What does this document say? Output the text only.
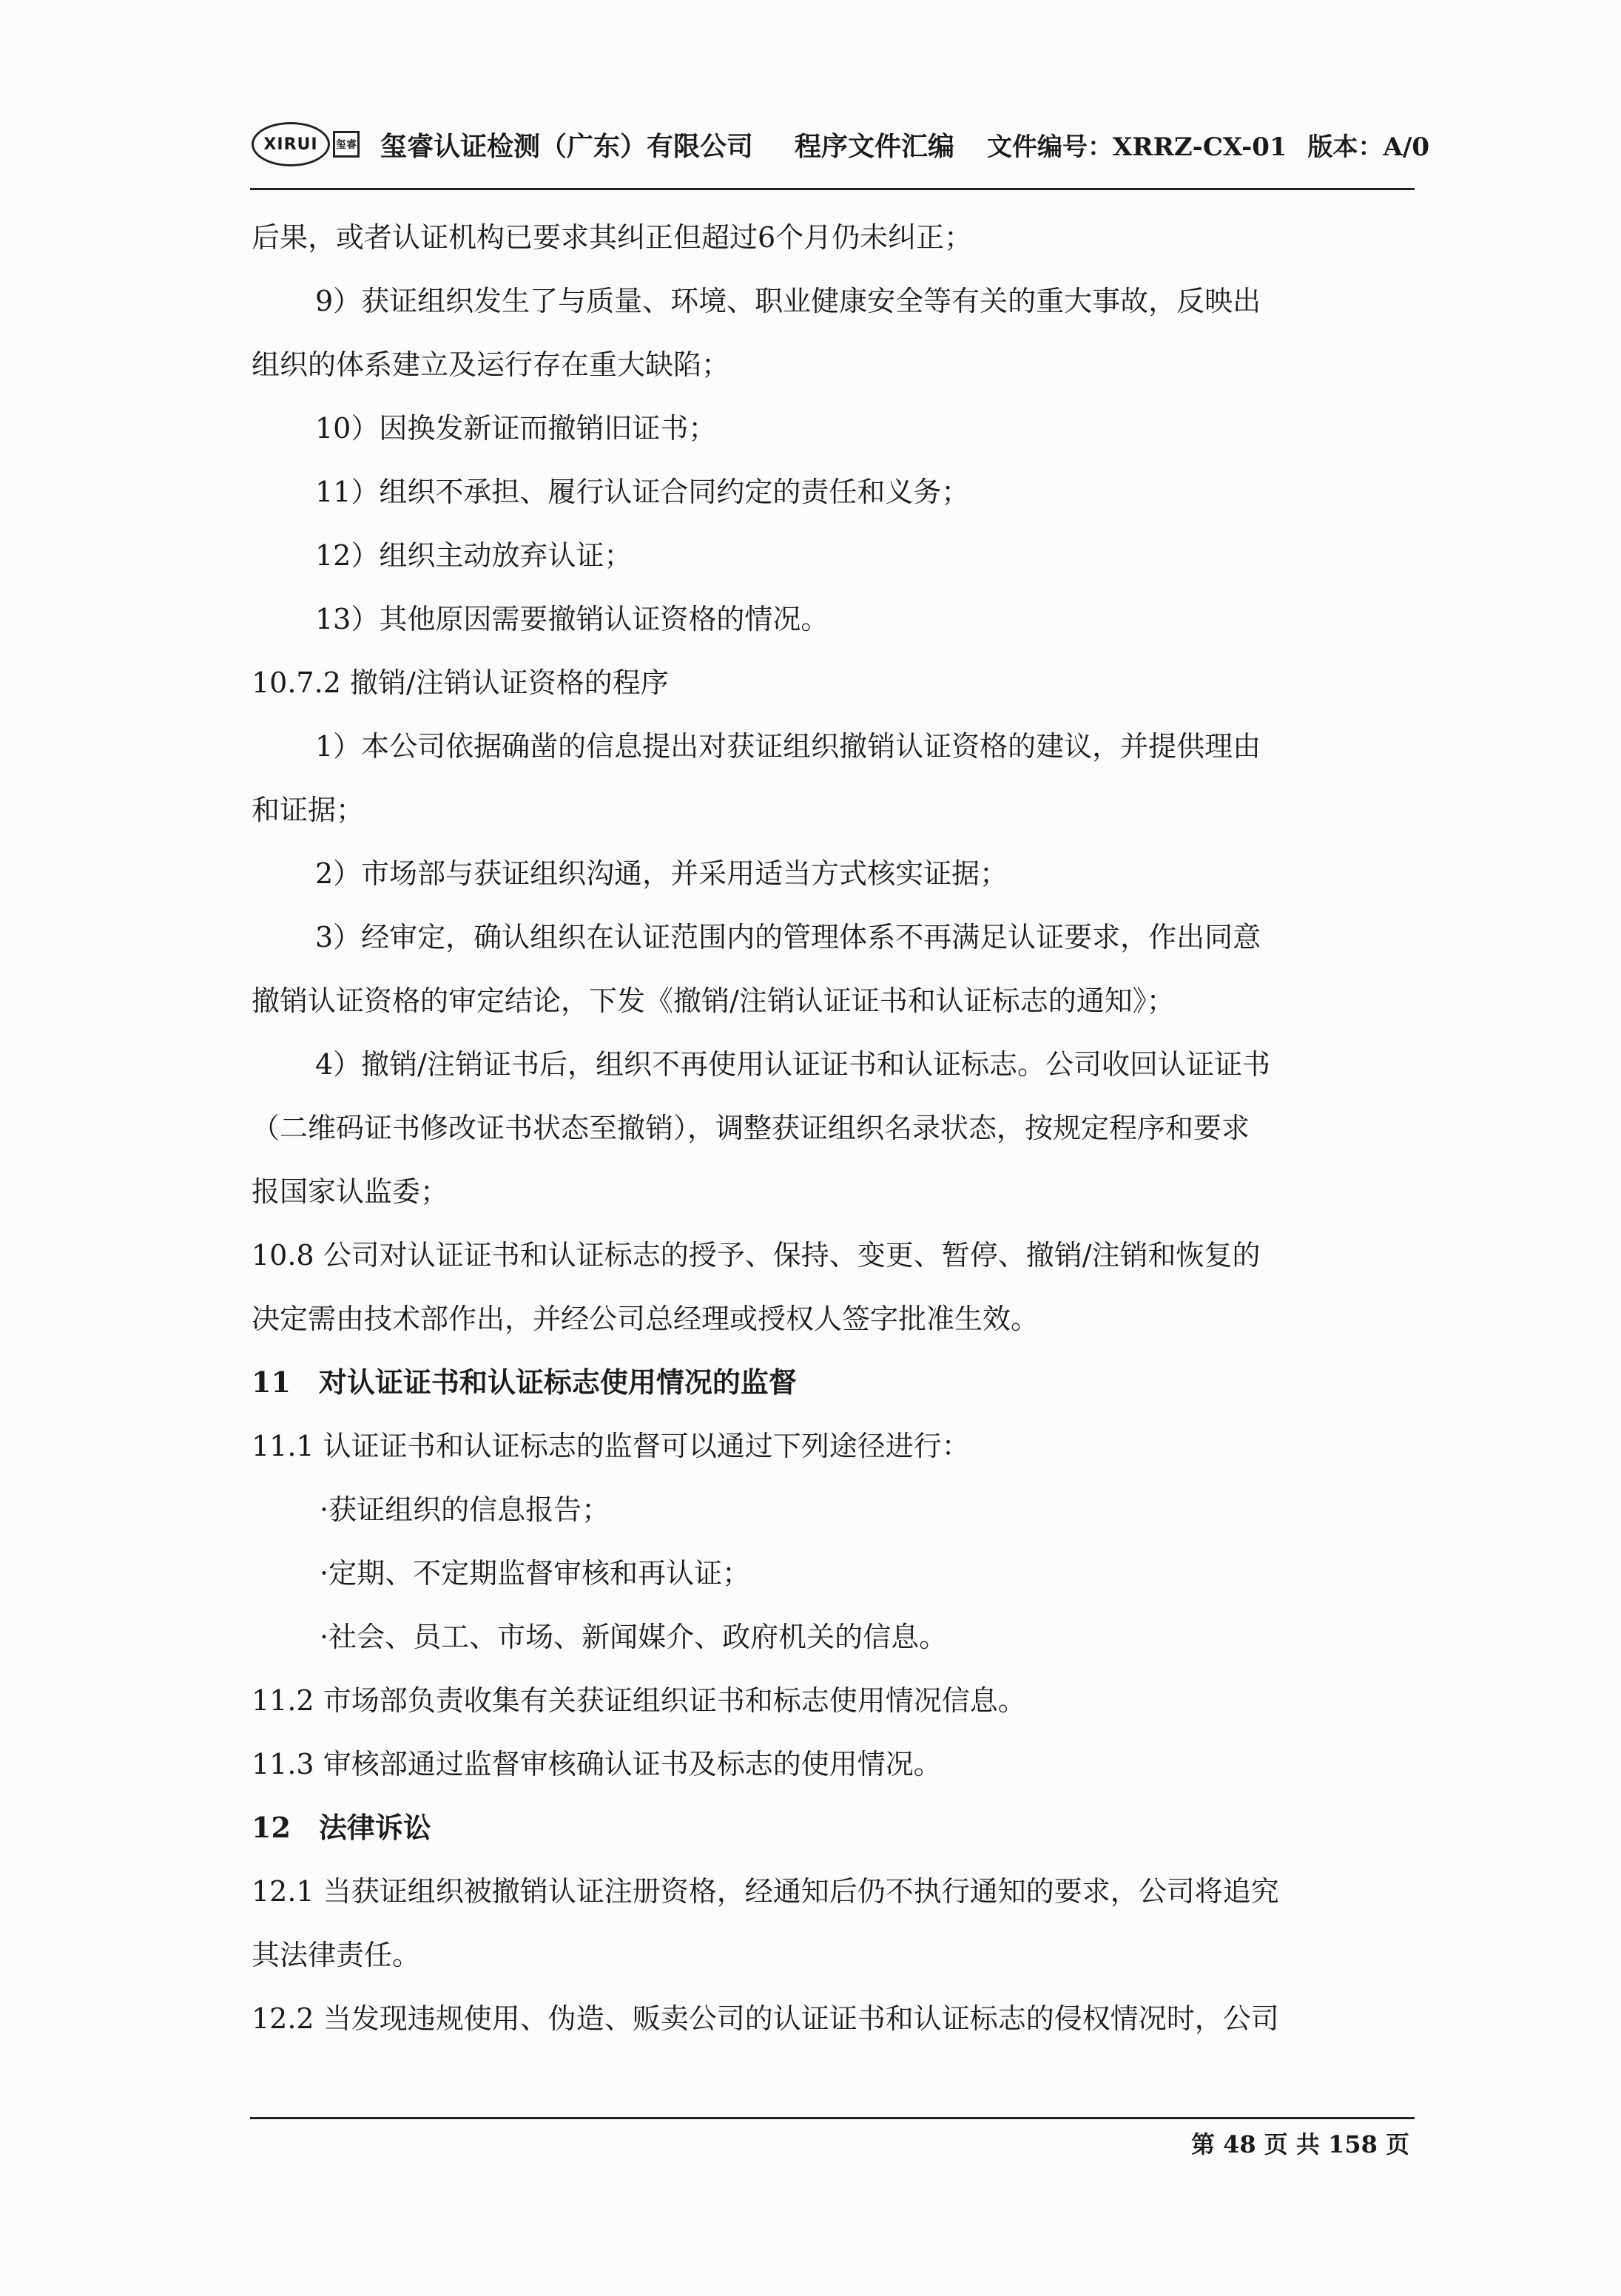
XIRUI 玺睿 玺睿认证检测（广东）有限公司 程序文件汇编 文件编号：XRRZ-CX-01 版本：A/0
后果，或者认证机构已要求其纠正但超过6个月仍未纠正；
9）获证组织发生了与质量、环境、职业健康安全等有关的重大事故，反映出
组织的体系建立及运行存在重大缺陷；
10）因换发新证而撤销旧证书；
11）组织不承担、履行认证合同约定的责任和义务；
12）组织主动放弃认证；
13）其他原因需要撤销认证资格的情况。
10.7.2 撤销/注销认证资格的程序
1）本公司依据确凿的信息提出对获证组织撤销认证资格的建议，并提供理由
和证据；
2）市场部与获证组织沟通，并采用适当方式核实证据；
3）经审定，确认组织在认证范围内的管理体系不再满足认证要求，作出同意
撤销认证资格的审定结论，下发《撤销/注销认证证书和认证标志的通知》；
4）撤销/注销证书后，组织不再使用认证证书和认证标志。公司收回认证证书
（二维码证书修改证书状态至撤销），调整获证组织名录状态，按规定程序和要求
报国家认监委；
10.8 公司对认证证书和认证标志的授予、保持、变更、暂停、撤销/注销和恢复的
决定需由技术部作出，并经公司总经理或授权人签字批准生效。
11　对认证证书和认证标志使用情况的监督
11.1 认证证书和认证标志的监督可以通过下列途径进行：
·获证组织的信息报告；
·定期、不定期监督审核和再认证；
·社会、员工、市场、新闻媒介、政府机关的信息。
11.2 市场部负责收集有关获证组织证书和标志使用情况信息。
11.3 审核部通过监督审核确认证书及标志的使用情况。
12　法律诉讼
12.1 当获证组织被撤销认证注册资格，经通知后仍不执行通知的要求，公司将追究
其法律责任。
12.2 当发现违规使用、伪造、贩卖公司的认证证书和认证标志的侵权情况时，公司
第 48 页 共 158 页
